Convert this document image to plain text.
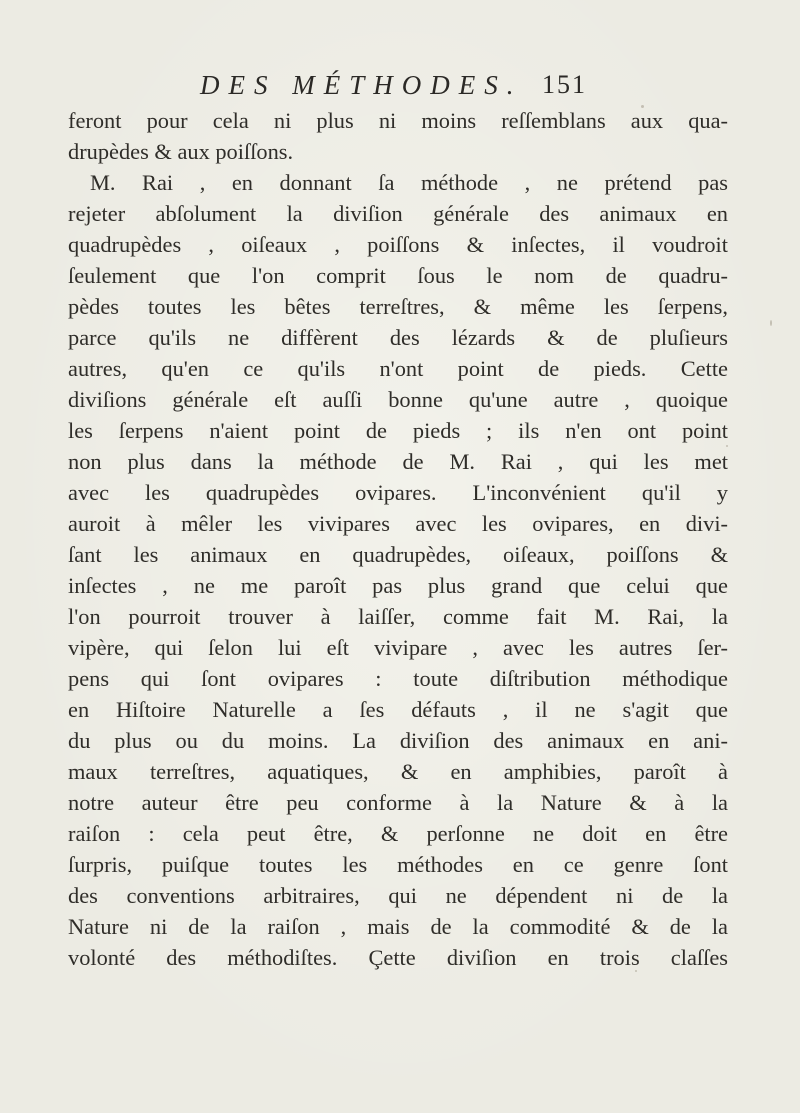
DES MÉTHODES. 151
feront pour cela ni plus ni moins reſſemblans aux qua-
drupèdes & aux poiſſons.
M. Rai , en donnant ſa méthode , ne prétend pas
rejeter abſolument la diviſion générale des animaux en
quadrupèdes , oiſeaux , poiſſons & inſectes, il voudroit
ſeulement que l'on comprit ſous le nom de quadru-
pèdes toutes les bêtes terreſtres, & même les ſerpens,
parce qu'ils ne diffèrent des lézards & de pluſieurs
autres, qu'en ce qu'ils n'ont point de pieds. Cette
diviſions générale eſt auſſi bonne qu'une autre , quoique
les ſerpens n'aient point de pieds ; ils n'en ont point
non plus dans la méthode de M. Rai , qui les met
avec les quadrupèdes ovipares. L'inconvénient qu'il y
auroit à mêler les vivipares avec les ovipares, en divi-
ſant les animaux en quadrupèdes, oiſeaux, poiſſons &
inſectes , ne me paroît pas plus grand que celui que
l'on pourroit trouver à laiſſer, comme fait M. Rai, la
vipère, qui ſelon lui eſt vivipare , avec les autres ſer-
pens qui ſont ovipares : toute diſtribution méthodique
en Hiſtoire Naturelle a ſes défauts , il ne s'agit que
du plus ou du moins. La diviſion des animaux en ani-
maux terreſtres, aquatiques, & en amphibies, paroît à
notre auteur être peu conforme à la Nature & à la
raiſon : cela peut être, & perſonne ne doit en être
ſurpris, puiſque toutes les méthodes en ce genre ſont
des conventions arbitraires, qui ne dépendent ni de la
Nature ni de la raiſon , mais de la commodité & de la
volonté des méthodiſtes. Çette diviſion en trois claſſes
